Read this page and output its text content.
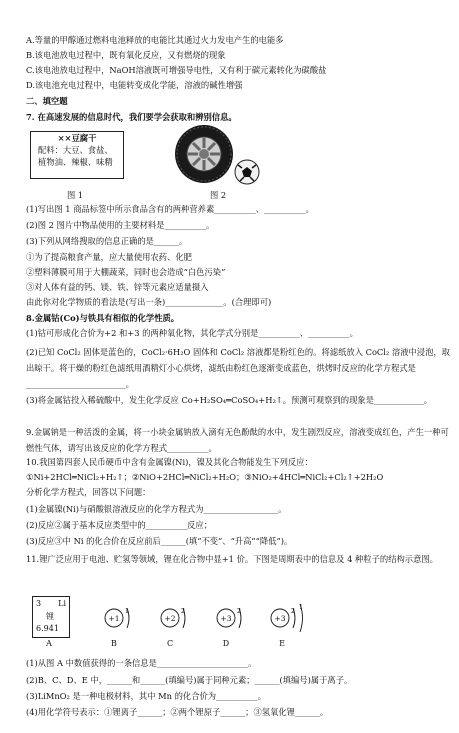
A.等量的甲醇通过燃料电池释放的电能比其通过火力发电产生的电能多
B.该电池放电过程中，既有氧化反应，又有燃烧的现象
C.该电池放电过程中，NaOH溶液既可增强导电性，又有利于碳元素转化为碳酸盐
D.该电池充电过程中，电能转变成化学能，溶液的碱性增强
二、填空题
7. 在高速发展的信息时代，我们要学会获取和辨别信息。
××豆腐干
配料：大豆、食盐、
植物油、辣椒、味精
图 1	图 2
(1)写出图 1 商品标签中所示食品含有的两种营养素__________、__________。
(2)图 2 图片中物品使用的主要材料是__________。
(3)下列从网络搜取的信息正确的是______。
①为了提高粮食产量，应大量使用农药、化肥
②塑料薄膜可用于大棚蔬菜，同时也会造成“白色污染”
③对人体有益的钙、镁、铁、锌等元素应适量摄入
由此你对化学物质的看法是(写出一条)______________。(合理即可)
8.金属钴(Co)与铁具有相似的化学性质。
(1)钴可形成化合价为+2 和+3 的两种氧化物，其化学式分别是__________、__________。
(2)已知 CoCl₂ 固体是蓝色的，CoCl₂·6H₂O 固体和 CoCl₂ 溶液都是粉红色的。将滤纸放入 CoCl₂ 溶液中浸泡，取出晾干。将干燥的粉红色滤纸用酒精灯小心烘烤，滤纸由粉红色逐渐变成蓝色，烘烤时反应的化学方程式是________________________。
(3)将金属钴投入稀硫酸中，发生化学反应 Co+H₂SO₄═CoSO₄+H₂↑。预测可观察到的现象是____________。
9.金属钠是一种活泼的金属，将一小块金属钠放入滴有无色酚酞的水中，发生剧烈反应，溶液变成红色，产生一种可燃性气体，请写出该反应的化学方程式__________。
10.我国第四套人民币硬币中含有金属镍(Ni)，镍及其化合物能发生下列反应：
①Ni+2HCl═NiCl₂+H₂↑；②NiO+2HCl═NiCl₂+H₂O；③NiO₂+4HCl═NiCl₂+Cl₂↑+2H₂O
分析化学方程式，回答以下问题：
(1)金属镍(Ni)与硝酸银溶液反应的化学方程式为__________________。
(2)反应②属于基本反应类型中的__________反应；
(3)反应③中 Ni 的化合价在反应前后______(填“不变”、“升高”“降低”)。
11.锂广泛应用于电池、贮氢等领域，锂在化合物中显+1 价。下图是周期表中的信息及 4 种粒子的结构示意图。
3 Li
锂
6.941
A
+1	+2	+3	+3
1	2	2	2 1
B	C	D	E
(1)从图 A 中数值获得的一条信息是______________________。
(2)B、C、D、E 中，______和______(填编号)属于同种元素；______(填编号)属于离子。
(3)LiMnO₂ 是一种电极材料，其中 Mn 的化合价为__________。
(4)用化学符号表示：①锂离子______；②两个锂原子______；③氢氧化锂______。
